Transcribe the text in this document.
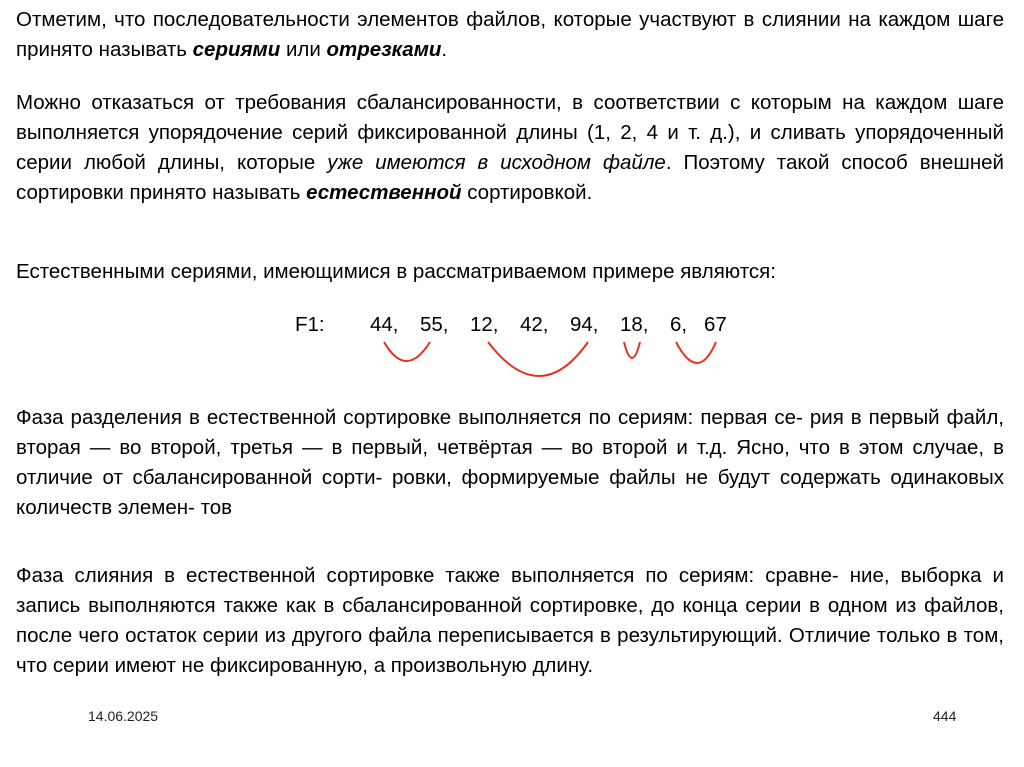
Отметим, что последовательности элементов файлов, которые участвуют в слиянии на каждом шаге принято называть сериями или отрезками.

Можно отказаться от требования сбалансированности, в соответствии с которым на каждом шаге выполняется упорядочение серий фиксированной длины (1, 2, 4 и т. д.), и сливать упорядоченный серии любой длины, которые уже имеются в исходном файле. Поэтому такой способ внешней сортировки принято называть естественной сортировкой.

Естественными сериями, имеющимися в рассматриваемом примере являются:

F1: 44, 55, 12, 42, 94, 18, 6, 67

Фаза разделения в естественной сортировке выполняется по сериям: первая се- рия в первый файл, вторая — во второй, третья — в первый, четвёртая — во второй и т.д. Ясно, что в этом случае, в отличие от сбалансированной сорти- ровки, формируемые файлы не будут содержать одинаковых количеств элемен- тов

Фаза слияния в естественной сортировке также выполняется по сериям: сравне- ние, выборка и запись выполняются также как в сбалансированной сортировке, до конца серии в одном из файлов, после чего остаток серии из другого файла переписывается в результирующий. Отличие только в том, что серии имеют не фиксированную, а произвольную длину.

14.06.2025	444
